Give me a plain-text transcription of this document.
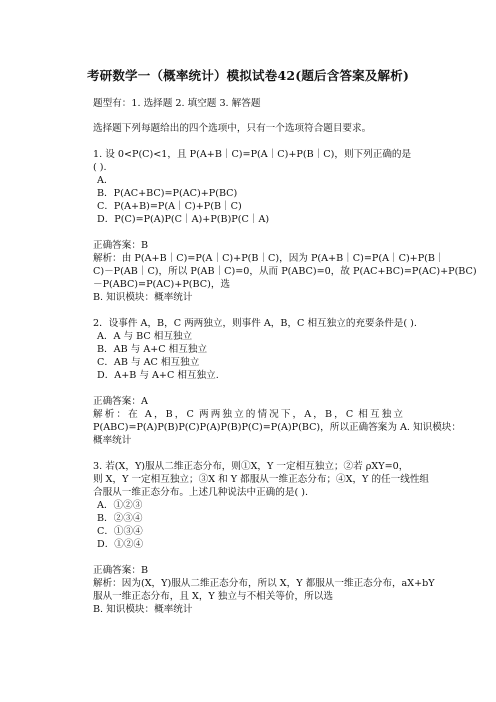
考研数学一（概率统计）模拟试卷42(题后含答案及解析)
题型有：1. 选择题 2. 填空题 3. 解答题
选择题下列每题给出的四个选项中，只有一个选项符合题目要求。
1. 设 0<P(C)<1，且 P(A+B｜C)=P(A｜C)+P(B｜C)，则下列正确的是
( ).
A．
B．P(AC+BC)=P(AC)+P(BC)
C．P(A+B)=P(A｜C)+P(B｜C)
D．P(C)=P(A)P(C｜A)+P(B)P(C｜A)
正确答案：B
解析：由 P(A+B｜C)=P(A｜C)+P(B｜C)，因为 P(A+B｜C)=P(A｜C)+P(B｜
C)－P(AB｜C)，所以 P(AB｜C)=0，从而 P(ABC)=0，故 P(AC+BC)=P(AC)+P(BC)
－P(ABC)=P(AC)+P(BC)，选
B. 知识模块：概率统计
2．设事件 A，B，C 两两独立，则事件 A，B，C 相互独立的充要条件是( ).
A．A 与 BC 相互独立
B．AB 与 A+C 相互独立
C．AB 与 AC 相互独立
D．A+B 与 A+C 相互独立.
正确答案：A
解析：在 A，B，C 两两独立的情况下，A，B，C 相互独立
P(ABC)=P(A)P(B)P(C)P(A)P(B)P(C)=P(A)P(BC)，所以正确答案为 A. 知识模块：
概率统计
3. 若(X，Y)服从二维正态分布，则①X，Y 一定相互独立；②若 ρXY=0，
则 X，Y 一定相互独立；③X 和 Y 都服从一维正态分布；④X，Y 的任一线性组
合服从一维正态分布。上述几种说法中正确的是( ).
A．①②③
B．②③④
C．①③④
D．①②④
正确答案：B
解析：因为(X，Y)服从二维正态分布，所以 X，Y 都服从一维正态分布，aX+bY
服从一维正态分布，且 X，Y 独立与不相关等价，所以选
B. 知识模块：概率统计
